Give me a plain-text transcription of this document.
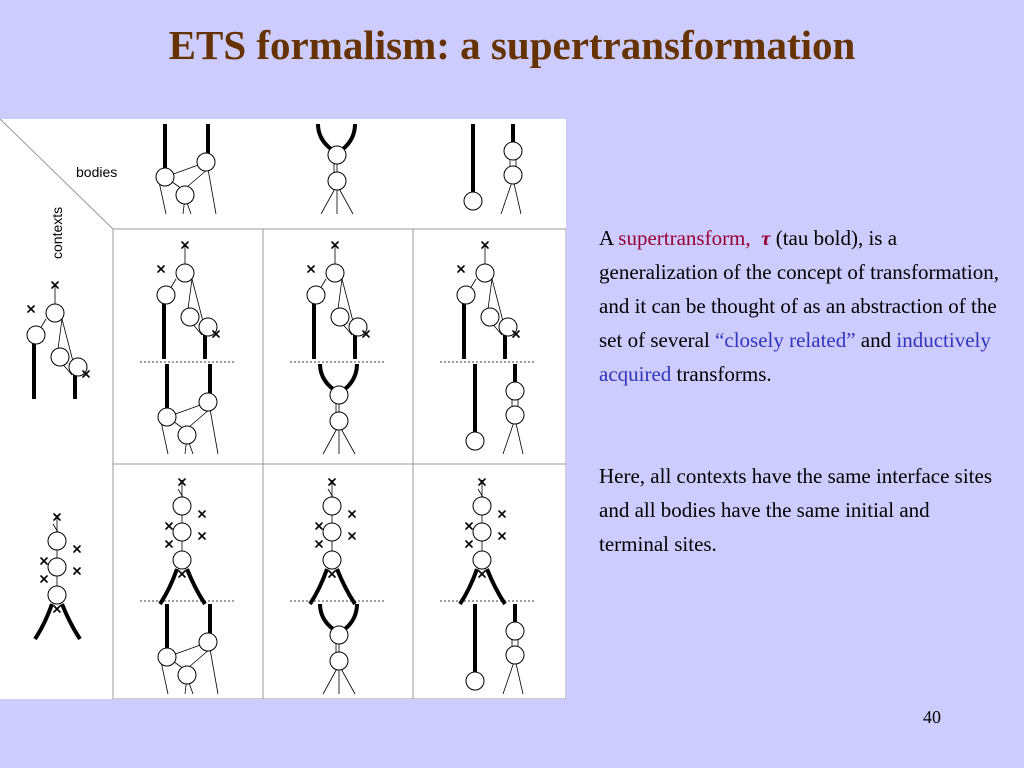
ETS formalism: a supertransformation
bodies
contexts	A supertransform, τ (tau bold), is a generalization of the concept of transformation, and it can be thought of as an abstraction of the set of several “closely related” and inductively acquired transforms.
Here, all contexts have the same interface sites and all bodies have the same initial and terminal sites.
40
